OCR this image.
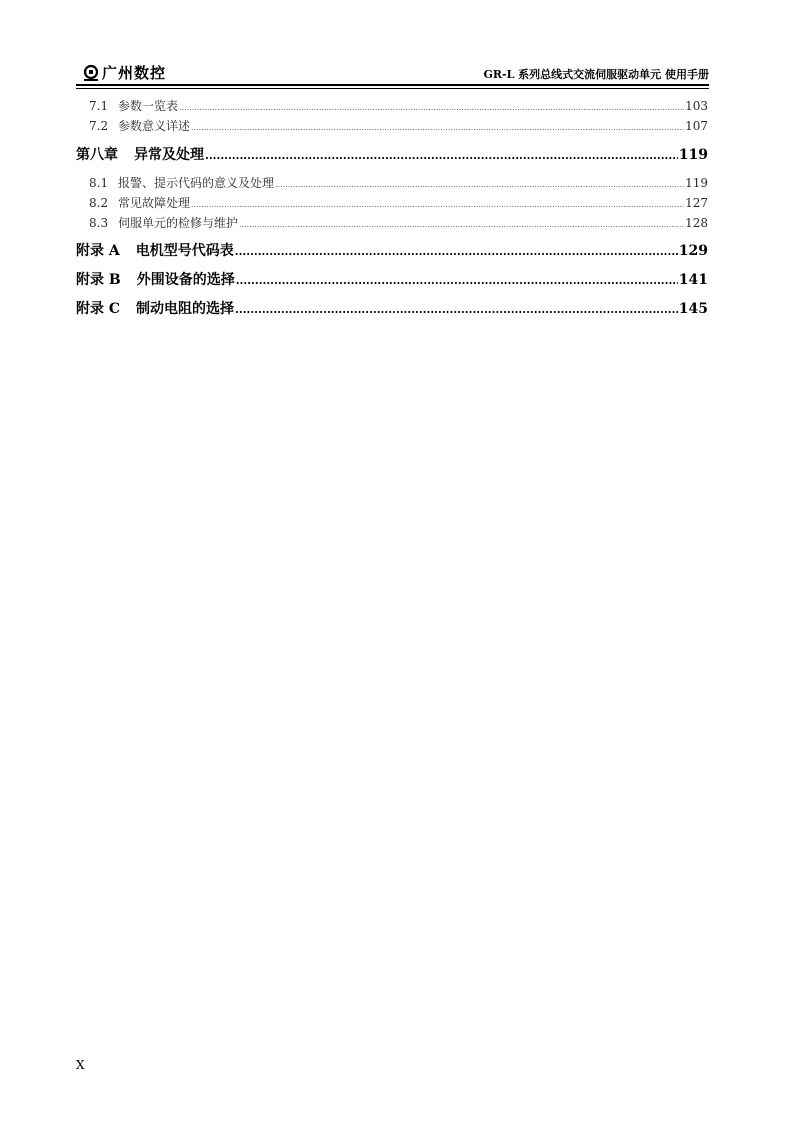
广州数控	GR-L 系列总线式交流伺服驱动单元 使用手册
7.1 参数一览表 .....	103
7.2 参数意义详述 .....	107
第八章 异常及处理 .....	119
8.1 报警、提示代码的意义及处理 .....	119
8.2 常见故障处理 .....	127
8.3 伺服单元的检修与维护 .....	128
附录 A 电机型号代码表 .....	129
附录 B 外围设备的选择 .....	141
附录 C 制动电阻的选择 .....	145
X
